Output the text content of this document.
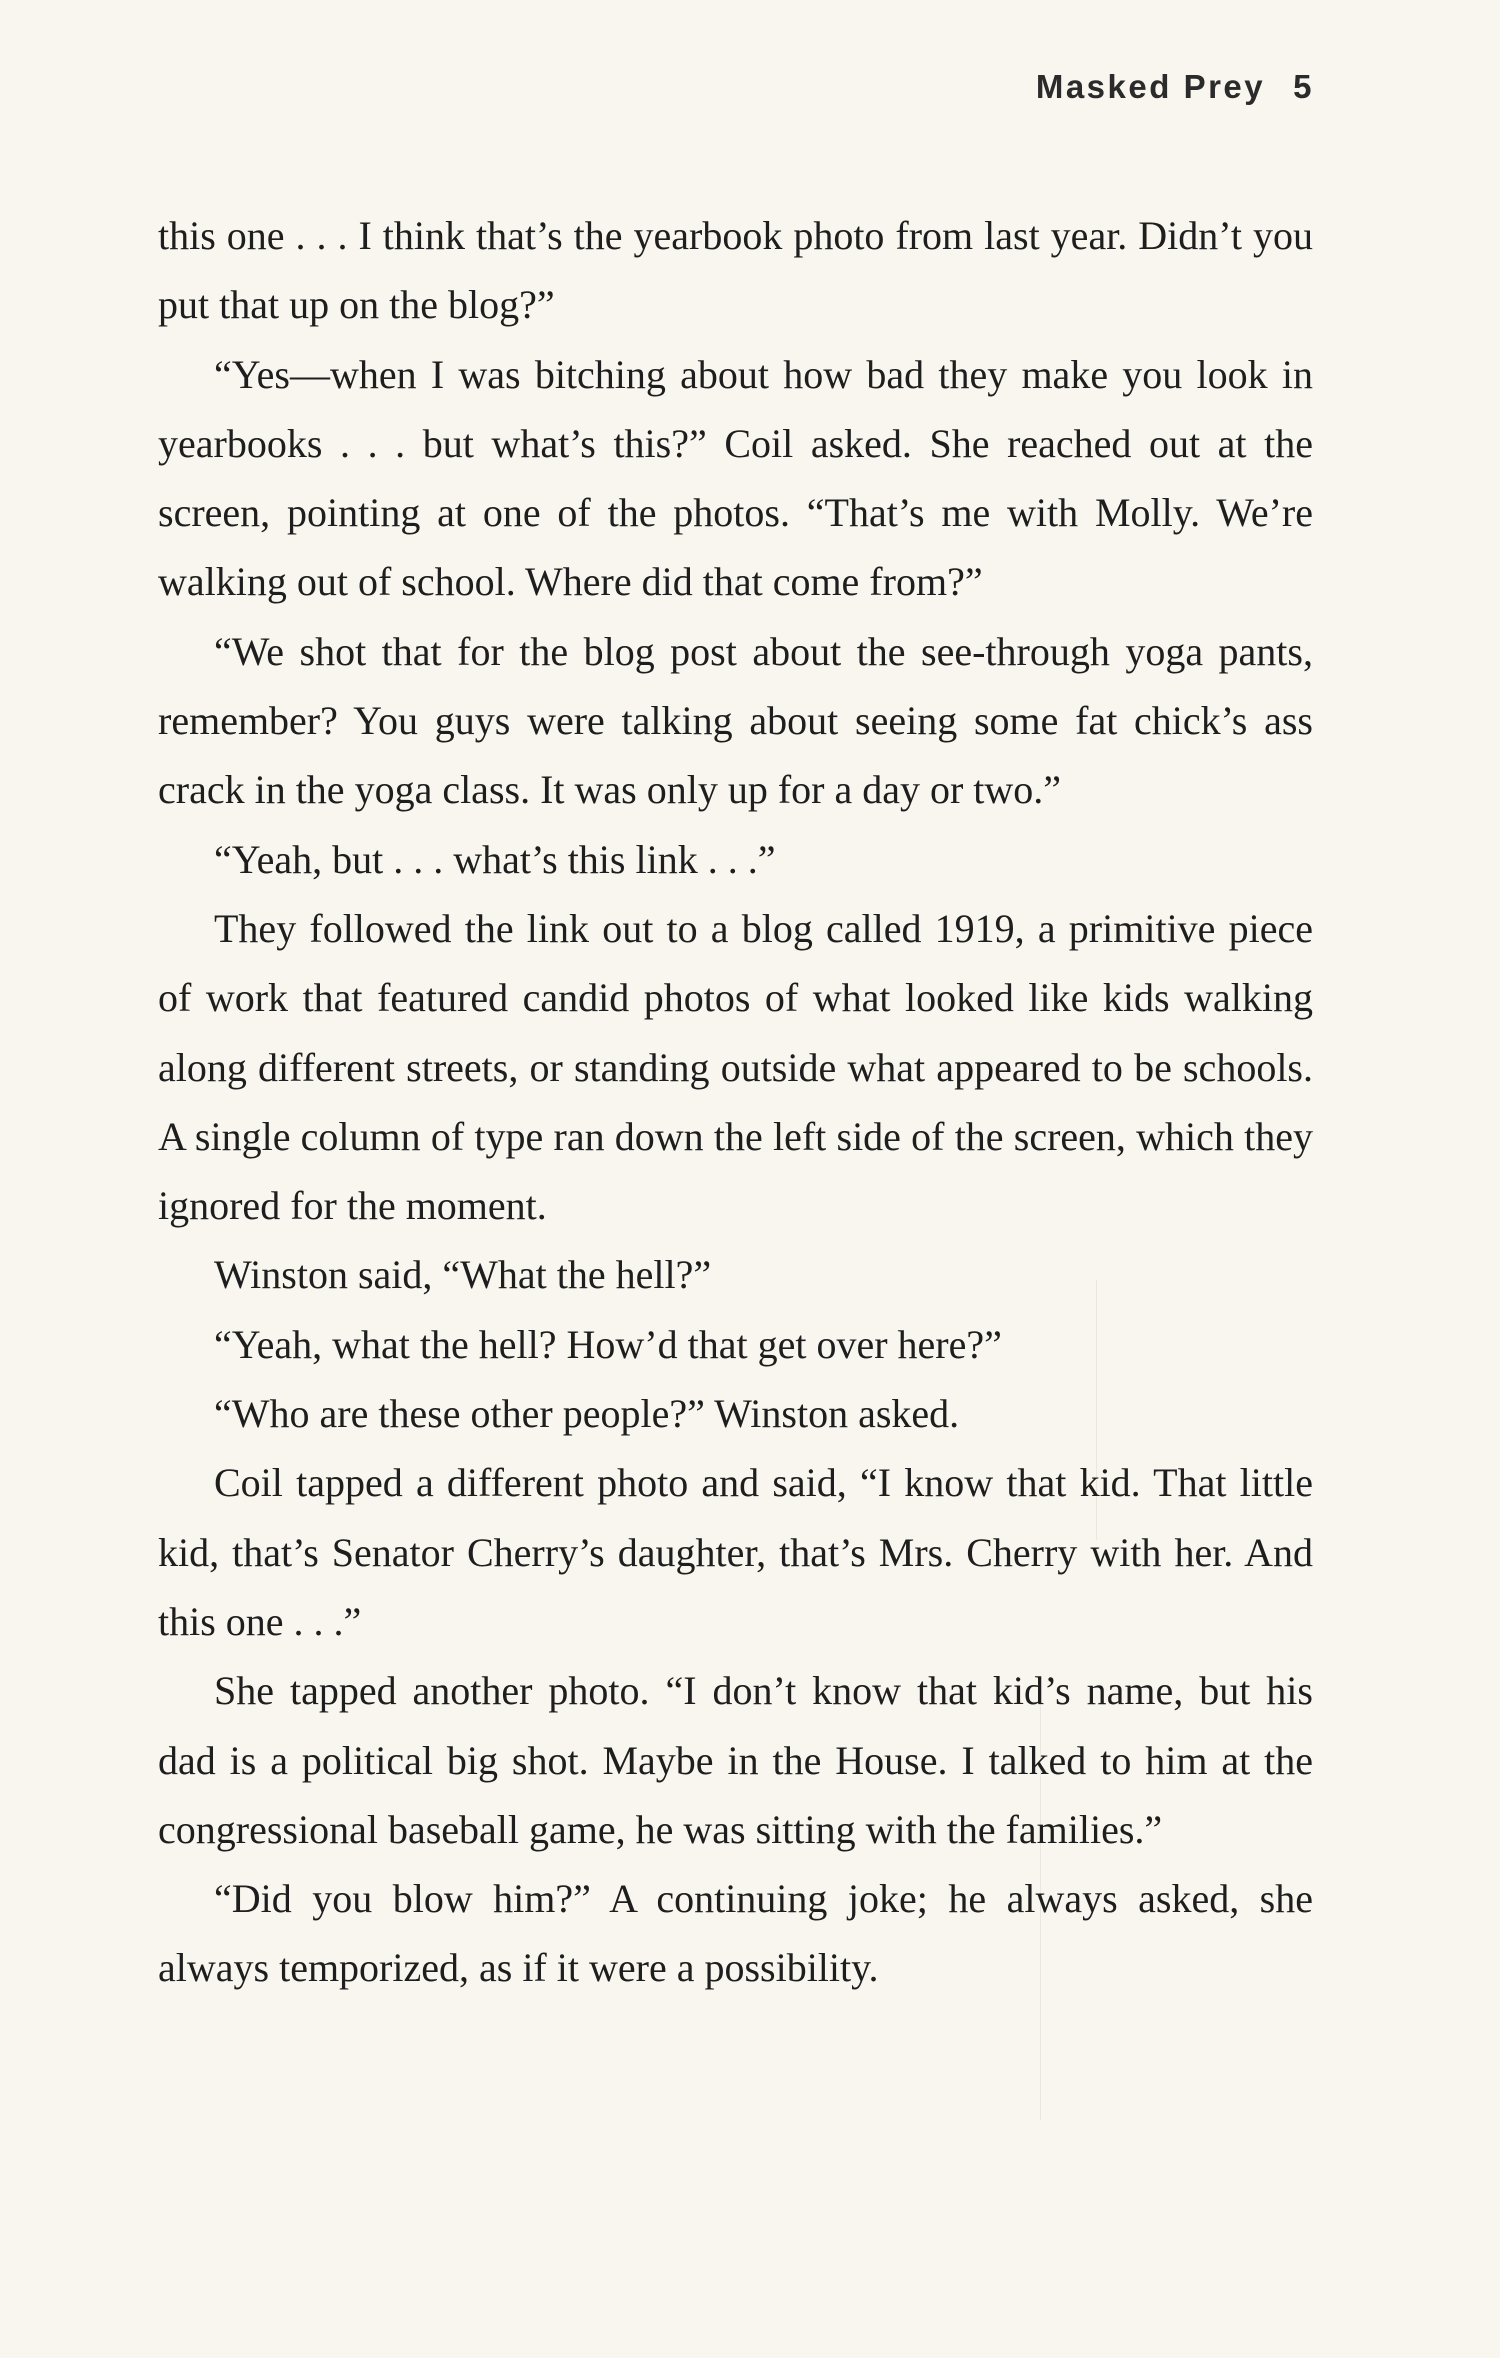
Masked Prey 5

this one . . . I think that’s the yearbook photo from last year. Didn’t you put that up on the blog?”

“Yes—when I was bitching about how bad they make you look in yearbooks . . . but what’s this?” Coil asked. She reached out at the screen, pointing at one of the photos. “That’s me with Molly. We’re walking out of school. Where did that come from?”

“We shot that for the blog post about the see-through yoga pants, remember? You guys were talking about seeing some fat chick’s ass crack in the yoga class. It was only up for a day or two.”

“Yeah, but . . . what’s this link . . .”

They followed the link out to a blog called 1919, a primitive piece of work that featured candid photos of what looked like kids walking along different streets, or standing outside what appeared to be schools. A single column of type ran down the left side of the screen, which they ignored for the moment.

Winston said, “What the hell?”

“Yeah, what the hell? How’d that get over here?”

“Who are these other people?” Winston asked.

Coil tapped a different photo and said, “I know that kid. That little kid, that’s Senator Cherry’s daughter, that’s Mrs. Cherry with her. And this one . . .”

She tapped another photo. “I don’t know that kid’s name, but his dad is a political big shot. Maybe in the House. I talked to him at the congressional baseball game, he was sitting with the families.”

“Did you blow him?” A continuing joke; he always asked, she always temporized, as if it were a possibility.
